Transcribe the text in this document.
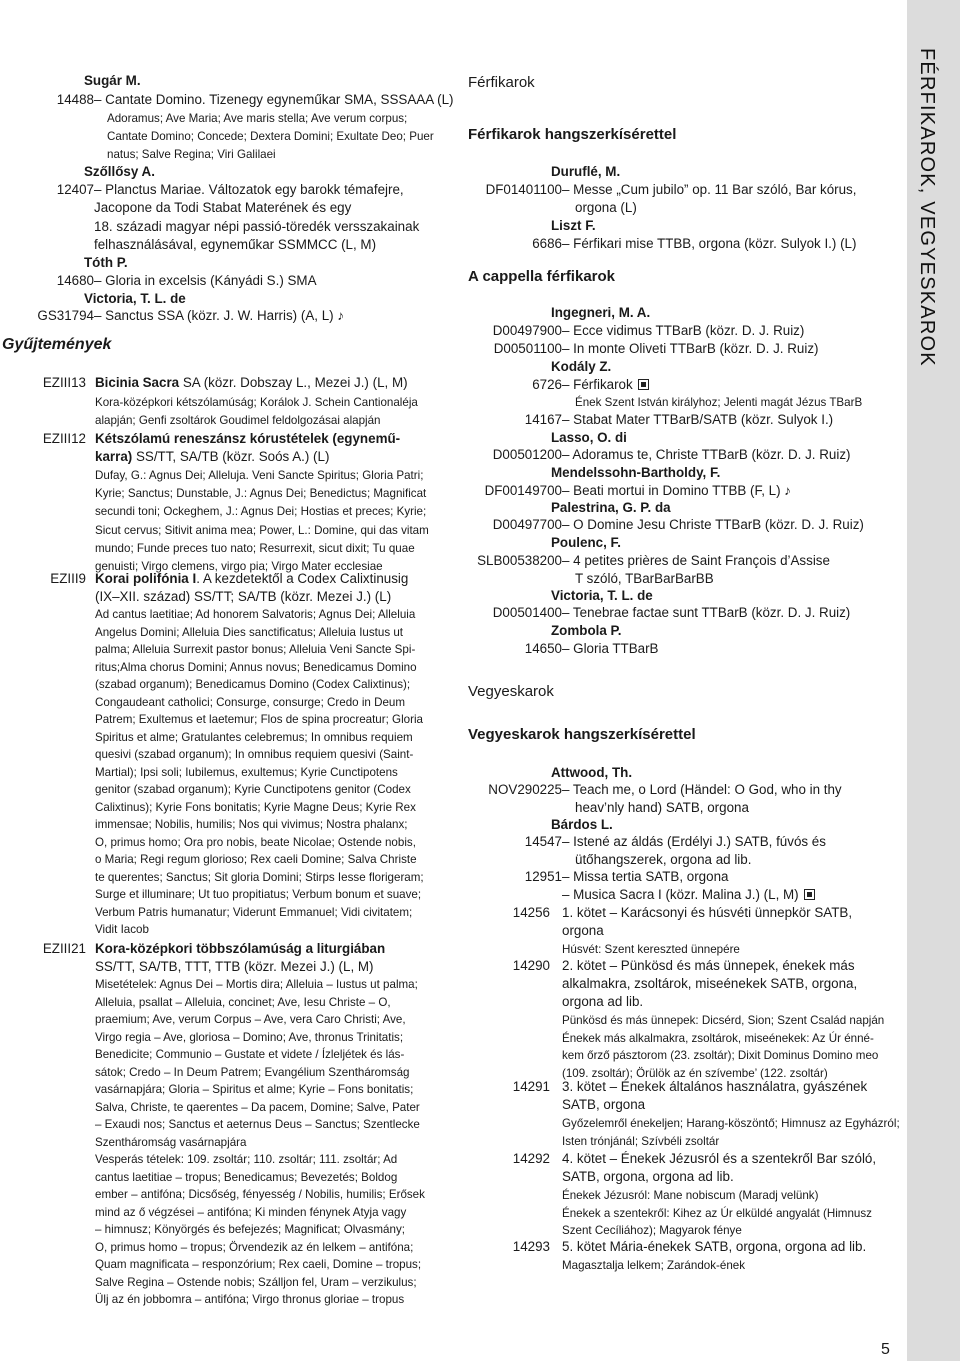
Sugár M.
14488 – Cantate Domino. Tizenegy egyneműkar SMA, SSSAAA (L)
Adoramus; Ave Maria; Ave maris stella; Ave verum corpus;
Cantate Domino; Concede; Dextera Domini; Exultate Deo; Puer
natus; Salve Regina; Viri Galilaei
Szőllősy A.
12407 – Planctus Mariae. Változatok egy barokk témafejre,
Jacopone da Todi Stabat Materének és egy
18. századi magyar népi passió-töredék versszakainak
felhasználásával, egyneműkar SSMMCC (L, M)
Tóth P.
14680 – Gloria in excelsis (Kányádi S.) SMA
Victoria, T. L. de
GS31794 – Sanctus SSA (közr. J. W. Harris) (A, L) ♪
Gyűjtemények
EZIII13 Bicinia Sacra SA (közr. Dobszay L., Mezei J.) (L, M)
Kora-középkori kétszólamúság; Korálok J. Schein Cantionaléja
alapján; Genfi zsoltárok Goudimel feldolgozásai alapján
EZIII12 Kétszólamú reneszánsz kórustételek (egynemű-
karra) SS/TT, SA/TB (közr. Soós A.) (L)
Dufay, G.: Agnus Dei; Alleluja. Veni Sancte Spiritus; Gloria Patri;
Kyrie; Sanctus; Dunstable, J.: Agnus Dei; Benedictus; Magnificat
secundi toni; Ockeghem, J.: Agnus Dei; Hostias et preces; Kyrie;
Sicut cervus; Sitivit anima mea; Power, L.: Domine, qui das vitam
mundo; Funde preces tuo nato; Resurrexit, sicut dixit; Tu quae
genuisti; Virgo clemens, virgo pia; Virgo Mater ecclesiae
EZIII9 Korai polifónia I. A kezdetektől a Codex Calixtinusig
(IX–XII. század) SS/TT; SA/TB (közr. Mezei J.) (L)
Ad cantus laetitiae; Ad honorem Salvatoris; Agnus Dei; Alleluia
Angelus Domini; Alleluia Dies sanctificatus; Alleluia Iustus ut
palma; Alleluia Surrexit pastor bonus; Alleluia Veni Sancte Spi-
ritus;Alma chorus Domini; Annus novus; Benedicamus Domino
(szabad organum); Benedicamus Domino (Codex Calixtinus);
Congaudeant catholici; Consurge, consurge; Credo in Deum
Patrem; Exultemus et laetemur; Flos de spina procreatur; Gloria
Spiritus et alme; Gratulantes celebremus; In omnibus requiem
quesivi (szabad organum); In omnibus requiem quesivi (Saint-
Martial); Ipsi soli; Iubilemus, exultemus; Kyrie Cunctipotens
genitor (szabad organum); Kyrie Cunctipotens genitor (Codex
Calixtinus); Kyrie Fons bonitatis; Kyrie Magne Deus; Kyrie Rex
immensae; Nobilis, humilis; Nos qui vivimus; Nostra phalanx;
O, primus homo; Ora pro nobis, beate Nicolae; Ostende nobis,
o Maria; Regi regum glorioso; Rex caeli Domine; Salva Christe
te querentes; Sanctus; Sit gloria Domini; Stirps Iesse florigeram;
Surge et illuminare; Ut tuo propitiatus; Verbum bonum et suave;
Verbum Patris humanatur; Viderunt Emmanuel; Vidi civitatem;
Vidit Iacob
EZIII21 Kora-középkori többszólamúság a liturgiában
SS/TT, SA/TB, TTT, TTB (közr. Mezei J.) (L, M)
Misetételek: Agnus Dei – Mortis dira; Alleluia – Iustus ut palma;
Alleluia, psallat – Alleluia, concinet; Ave, Iesu Christe – O,
praemium; Ave, verum Corpus – Ave, vera Caro Christi; Ave,
Virgo regia – Ave, gloriosa – Domino; Ave, thronus Trinitatis;
Benedicite; Communio – Gustate et videte / Ízleljétek és lás-
sátok; Credo – In Deum Patrem; Evangélium Szentháromság
vasárnapjára; Gloria – Spiritus et alme; Kyrie – Fons bonitatis;
Salva, Christe, te qaerentes – Da pacem, Domine; Salve, Pater
– Exaudi nos; Sanctus et aeternus Deus – Sanctus; Szentlecke
Szentháromság vasárnapjára
Vesperás tételek: 109. zsoltár; 110. zsoltár; 111. zsoltár; Ad
cantus laetitiae – tropus; Benedicamus; Bevezetés; Boldog
ember – antifóna; Dicsőség, fényesség / Nobilis, humilis; Erősek
mind az ő végzései – antifóna; Ki minden fénynek Atyja vagy
– himnusz; Könyörgés és befejezés; Magnificat; Olvasmány;
O, primus homo – tropus; Örvendezik az én lelkem – antifóna;
Quam magnificata – responzórium; Rex caeli, Domine – tropus;
Salve Regina – Ostende nobis; Szálljon fel, Uram – verzikulus;
Ülj az én jobbomra – antifóna; Virgo thronus gloriae – tropus
Férfikarok
Férfikarok hangszerkísérettel
Duruflé, M.
DF01401100 – Messe „Cum jubilo” op. 11 Bar szóló, Bar kórus,
orgona (L)
Liszt F.
6686 – Férfikari mise TTBB, orgona (közr. Sulyok I.) (L)
A cappella férfikarok
Ingegneri, M. A.
D00497900 – Ecce vidimus TTBarB (közr. D. J. Ruiz)
D00501100 – In monte Oliveti TTBarB (közr. D. J. Ruiz)
Kodály Z.
6726 – Férfikarok
Ének Szent István királyhoz; Jelenti magát Jézus TBarB
14167 – Stabat Mater TTBarB/SATB (közr. Sulyok I.)
Lasso, O. di
D00501200 – Adoramus te, Christe TTBarB (közr. D. J. Ruiz)
Mendelssohn-Bartholdy, F.
DF00149700 – Beati mortui in Domino TTBB (F, L) ♪
Palestrina, G. P. da
D00497700 – O Domine Jesu Christe TTBarB (közr. D. J. Ruiz)
Poulenc, F.
SLB00538200 – 4 petites prières de Saint François d’Assise
T szóló, TBarBarBarBB
Victoria, T. L. de
D00501400 – Tenebrae factae sunt TTBarB (közr. D. J. Ruiz)
Zombola P.
14650 – Gloria TTBarB
Vegyeskarok
Vegyeskarok hangszerkísérettel
Attwood, Th.
NOV290225 – Teach me, o Lord (Händel: O God, who in thy
heav’nly hand) SATB, orgona
Bárdos L.
14547 – Istené az áldás (Erdélyi J.) SATB, fúvós és
ütőhangszerek, orgona ad lib.
12951 – Missa tertia SATB, orgona
– Musica Sacra I (közr. Malina J.) (L, M)
14256 1. kötet – Karácsonyi és húsvéti ünnepkör SATB,
orgona
Húsvét: Szent kereszted ünnepére
14290 2. kötet – Pünkösd és más ünnepek, énekek más
alkalmakra, zsoltárok, miseénekek SATB, orgona,
orgona ad lib.
Pünkösd és más ünnepek: Dicsérd, Sion; Szent Család napján
Énekek más alkalmakra, zsoltárok, miseénekek: Az Úr énné-
kem őrző pásztorom (23. zsoltár); Dixit Dominus Domino meo
(109. zsoltár); Örülök az én szívembe’ (122. zsoltár)
14291 3. kötet – Énekek általános használatra, gyászének
SATB, orgona
Győzelemről énekeljen; Harang-köszöntő; Himnusz az Egyházról;
Isten trónjánál; Szívbéli zsoltár
14292 4. kötet – Énekek Jézusról és a szentekről Bar szóló,
SATB, orgona, orgona ad lib.
Énekek Jézusról: Mane nobiscum (Maradj velünk)
Énekek a szentekről: Kihez az Úr elküldé angyalát (Himnusz
Szent Cecíliához); Magyarok fénye
14293 5. kötet Mária-énekek SATB, orgona, orgona ad lib.
Magasztalja lelkem; Zarándok-ének
FÉRFIKAROK, VEGYESKAROK
5
